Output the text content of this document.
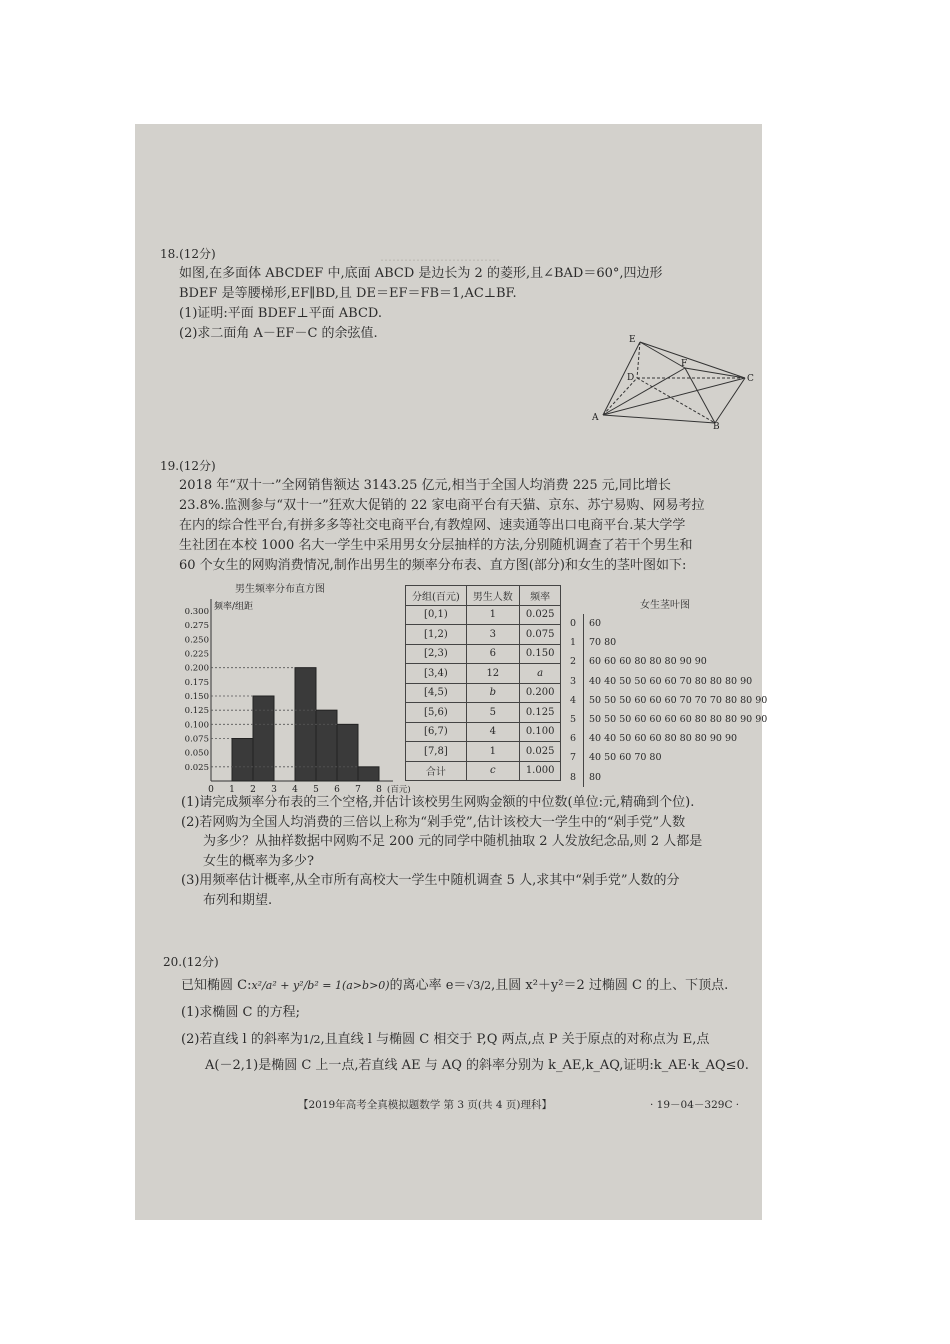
…………………………
18.(12分)
如图,在多面体 ABCDEF 中,底面 ABCD 是边长为 2 的菱形,且∠BAD＝60°,四边形
BDEF 是等腰梯形,EF∥BD,且 DE＝EF＝FB＝1,AC⊥BF.
(1)证明:平面 BDEF⊥平面 ABCD.
(2)求二面角 A－EF－C 的余弦值.	E
F
D	C
A
B
19.(12分)
2018 年“双十一”全网销售额达 3143.25 亿元,相当于全国人均消费 225 元,同比增长
23.8%.监测参与“双十一”狂欢大促销的 22 家电商平台有天猫、京东、苏宁易购、网易考拉
在内的综合性平台,有拼多多等社交电商平台,有教煌网、速卖通等出口电商平台.某大学学
生社团在本校 1000 名大一学生中采用男女分层抽样的方法,分别随机调查了若干个男生和
60 个女生的网购消费情况,制作出男生的频率分布表、直方图(部分)和女生的茎叶图如下:
男生频率分布直方图
频率/组距
0.025
0.050
0.075
0.100
0.125
0.150
0.175
0.200
0.225
0.250
0.275
0.300
0 1 2 3 4 5 6 7 8 (百元)
分组(百元)	男生人数	频率
[0,1)	1	0.025
[1,2)	3	0.075
[2,3)	6	0.150
[3,4)	12	a
[4,5)	b	0.200
[5,6)	5	0.125
[6,7)	4	0.100
[7,8]	1	0.025
合计	c	1.000
女生茎叶图
0	60
1	70 80
2	60 60 60 80 80 80 90 90
3	40 40 50 50 60 60 70 80 80 80 90
4	50 50 50 60 60 60 70 70 70 80 80 90
5	50 50 50 60 60 60 60 80 80 80 90 90
6	40 40 50 60 60 80 80 80 90 90
7	40 50 60 70 80
8	80
(1)请完成频率分布表的三个空格,并估计该校男生网购金额的中位数(单位:元,精确到个位).
(2)若网购为全国人均消费的三倍以上称为“剁手党”,估计该校大一学生中的“剁手党”人数
为多少？从抽样数据中网购不足 200 元的同学中随机抽取 2 人发放纪念品,则 2 人都是
女生的概率为多少?
(3)用频率估计概率,从全市所有高校大一学生中随机调查 5 人,求其中“剁手党”人数的分
布列和期望.
20.(12分)
已知椭圆 C:x²/a² + y²/b² = 1(a>b>0)的离心率 e＝√3/2,且圆 x²＋y²＝2 过椭圆 C 的上、下顶点.
(1)求椭圆 C 的方程;
(2)若直线 l 的斜率为1/2,且直线 l 与椭圆 C 相交于 P,Q 两点,点 P 关于原点的对称点为 E,点
A(－2,1)是椭圆 C 上一点,若直线 AE 与 AQ 的斜率分别为 k_AE,k_AQ,证明:k_AE·k_AQ≤0.
【2019年高考全真模拟题数学 第 3 页(共 4 页)理科】	· 19－04－329C ·
